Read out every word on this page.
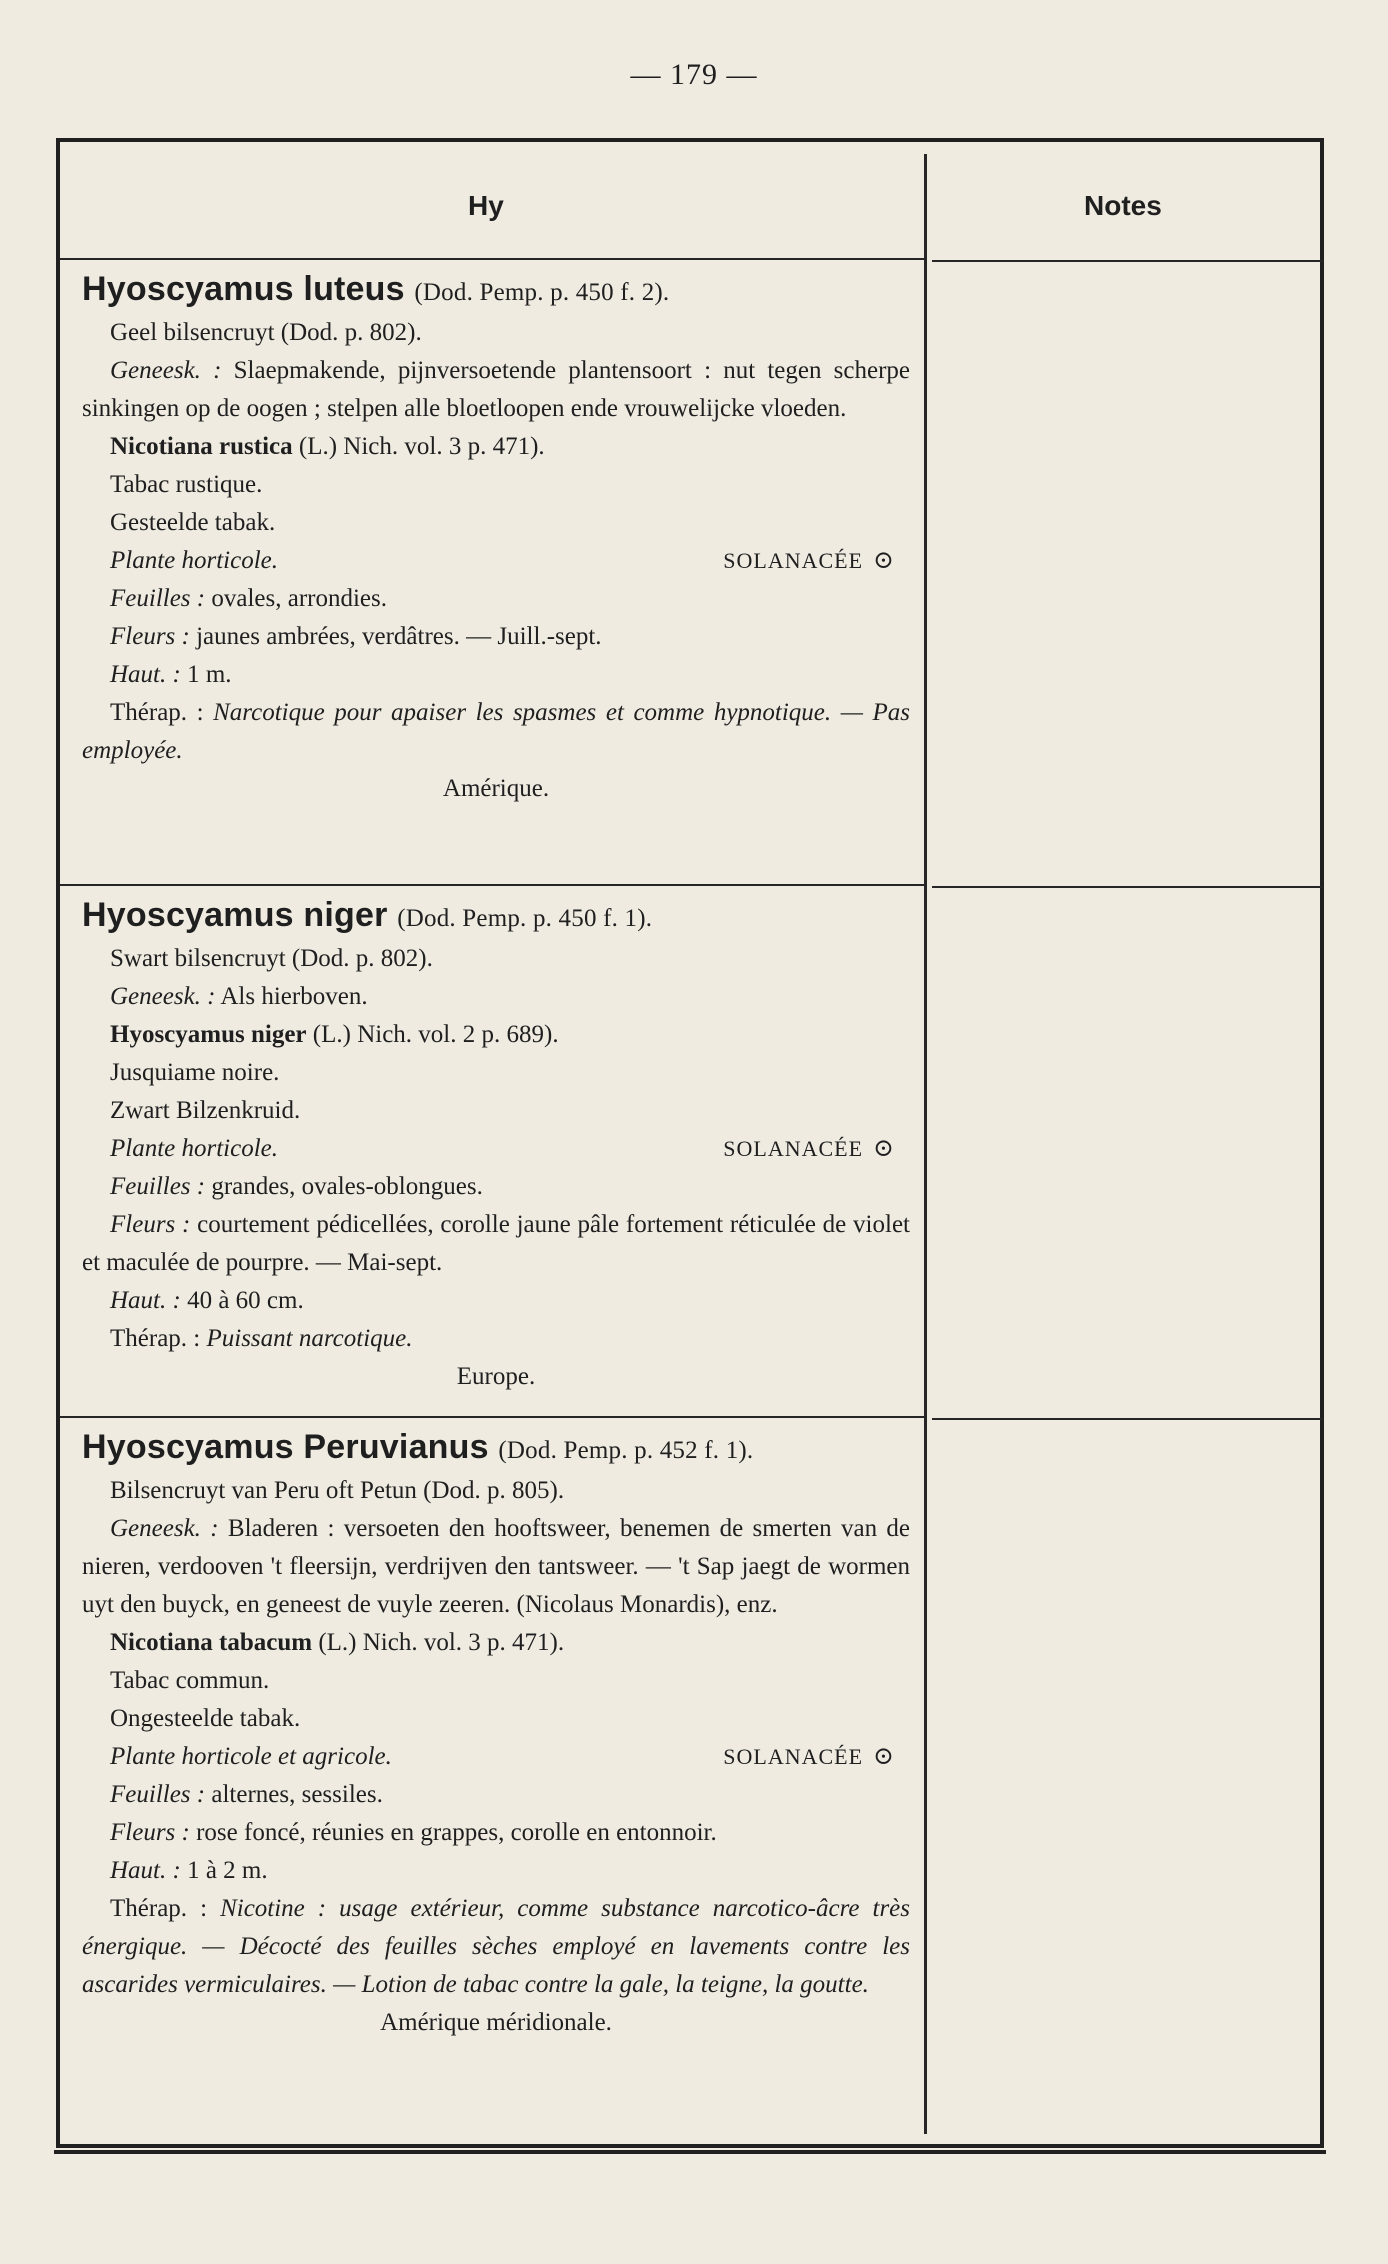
— 179 —
Hy	Notes

Hyoscyamus luteus (Dod. Pemp. p. 450 f. 2).

Geel bilsencruyt (Dod. p. 802).

Geneesk. : Slaepmakende, pijnversoetende plantensoort : nut tegen scherpe sinkingen op de oogen ; stelpen alle bloetloopen ende vrouwelijcke vloeden.

Nicotiana rustica (L.) Nich. vol. 3 p. 471).

Tabac rustique.

Gesteelde tabak.

Plante horticole.	SOLANACÉE ⊙

Feuilles : ovales, arrondies.

Fleurs : jaunes ambrées, verdâtres. — Juill.-sept.

Haut. : 1 m.

Thérap. : Narcotique pour apaiser les spasmes et comme hypnotique. — Pas employée.

Amérique.

Hyoscyamus niger (Dod. Pemp. p. 450 f. 1).

Swart bilsencruyt (Dod. p. 802).

Geneesk. : Als hierboven.

Hyoscyamus niger (L.) Nich. vol. 2 p. 689).

Jusquiame noire.

Zwart Bilzenkruid.

Plante horticole.	SOLANACÉE ⊙

Feuilles : grandes, ovales-oblongues.

Fleurs : courtement pédicellées, corolle jaune pâle fortement réticulée de violet et maculée de pourpre. — Mai-sept.

Haut. : 40 à 60 cm.

Thérap. : Puissant narcotique.

Europe.

Hyoscyamus Peruvianus (Dod. Pemp. p. 452 f. 1).

Bilsencruyt van Peru oft Petun (Dod. p. 805).

Geneesk. : Bladeren : versoeten den hooftsweer, benemen de smerten van de nieren, verdooven 't fleersijn, verdrijven den tantsweer. — 't Sap jaegt de wormen uyt den buyck, en geneest de vuyle zeeren. (Nicolaus Monardis), enz.

Nicotiana tabacum (L.) Nich. vol. 3 p. 471).

Tabac commun.

Ongesteelde tabak.

Plante horticole et agricole.	SOLANACÉE ⊙

Feuilles : alternes, sessiles.

Fleurs : rose foncé, réunies en grappes, corolle en entonnoir.

Haut. : 1 à 2 m.

Thérap. : Nicotine : usage extérieur, comme substance narcotico-âcre très énergique. — Décocté des feuilles sèches employé en lavements contre les ascarides vermiculaires. — Lotion de tabac contre la gale, la teigne, la goutte.

Amérique méridionale.
